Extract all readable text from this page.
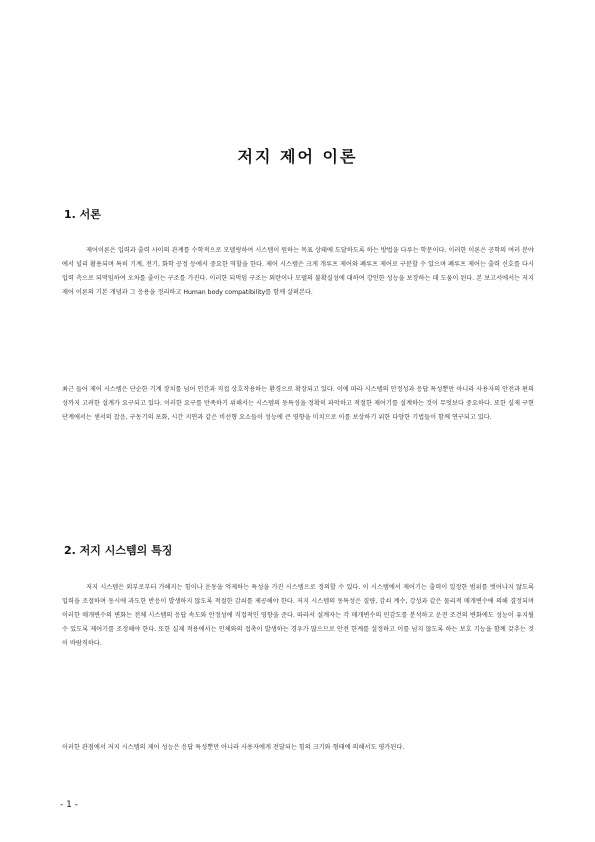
저지 제어 이론
1. 서론

제어이론은 입력과 출력 사이의 관계를 수학적으로 모델링하여 시스템이 원하는 목표 상태에 도달하도록 하는 방법을 다루는 학문이다. 이러한 이론은 공학의 여러 분야에서 널리 활용되며 특히 기계, 전기, 화학 공정 등에서 중요한 역할을 한다. 제어 시스템은 크게 개루프 제어와 폐루프 제어로 구분할 수 있으며 폐루프 제어는 출력 신호를 다시 입력 측으로 되먹임하여 오차를 줄이는 구조를 가진다. 이러한 되먹임 구조는 외란이나 모델의 불확실성에 대하여 강인한 성능을 보장하는 데 도움이 된다. 본 보고서에서는 저지 제어 이론의 기본 개념과 그 응용을 정리하고 Human body compatibility를 함께 살펴본다.

최근 들어 제어 시스템은 단순한 기계 장치를 넘어 인간과 직접 상호작용하는 환경으로 확장되고 있다. 이에 따라 시스템의 안정성과 응답 특성뿐만 아니라 사용자의 안전과 편의성까지 고려한 설계가 요구되고 있다. 이러한 요구를 만족하기 위해서는 시스템의 동특성을 정확히 파악하고 적절한 제어기를 설계하는 것이 무엇보다 중요하다. 또한 실제 구현 단계에서는 센서의 잡음, 구동기의 포화, 시간 지연과 같은 비선형 요소들이 성능에 큰 영향을 미치므로 이를 보상하기 위한 다양한 기법들이 함께 연구되고 있다.

2. 저지 시스템의 특징

저지 시스템은 외부로부터 가해지는 힘이나 운동을 억제하는 특성을 가진 시스템으로 정의할 수 있다. 이 시스템에서 제어기는 출력이 일정한 범위를 벗어나지 않도록 입력을 조절하며 동시에 과도한 반응이 발생하지 않도록 적절한 감쇠를 제공해야 한다. 저지 시스템의 동특성은 질량, 감쇠 계수, 강성과 같은 물리적 매개변수에 의해 결정되며 이러한 매개변수의 변화는 전체 시스템의 응답 속도와 안정성에 직접적인 영향을 준다. 따라서 설계자는 각 매개변수의 민감도를 분석하고 운전 조건의 변화에도 성능이 유지될 수 있도록 제어기를 조정해야 한다. 또한 실제 적용에서는 인체와의 접촉이 발생하는 경우가 많으므로 안전 한계를 설정하고 이를 넘지 않도록 하는 보호 기능을 함께 갖추는 것이 바람직하다.

이러한 관점에서 저지 시스템의 제어 성능은 응답 특성뿐만 아니라 사용자에게 전달되는 힘의 크기와 형태에 의해서도 평가된다.

- 1 -
